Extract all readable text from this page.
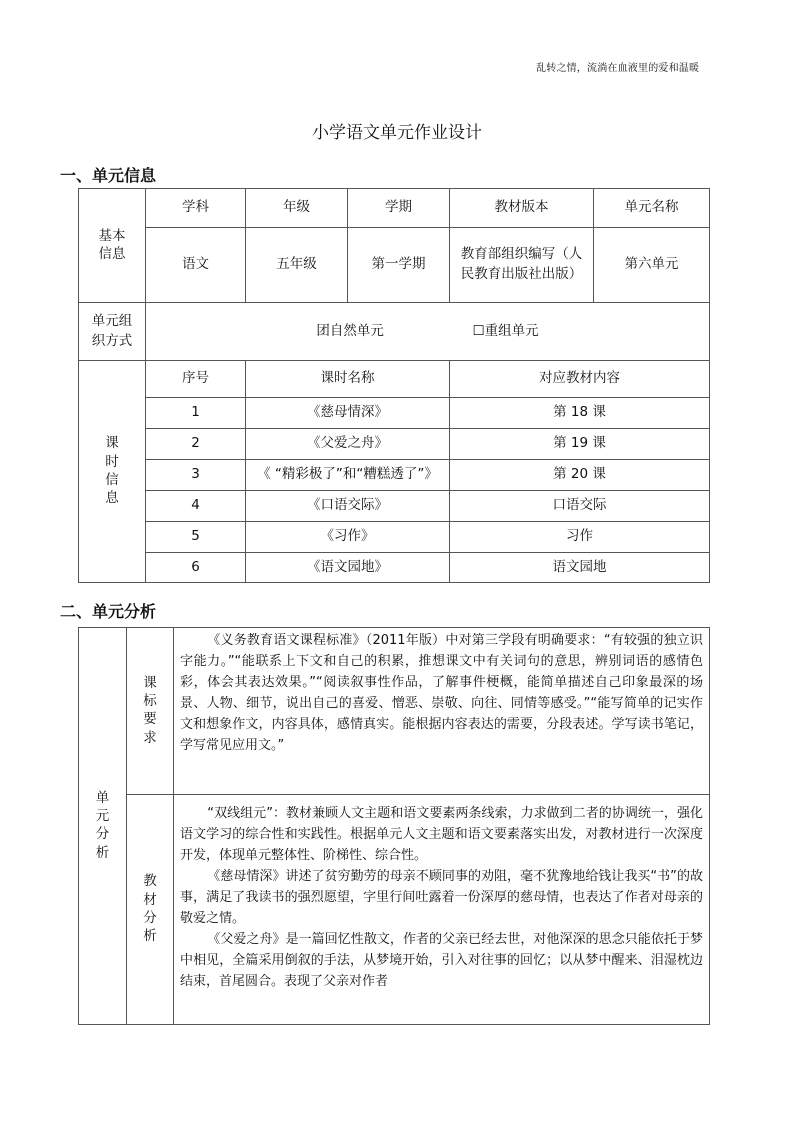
乱转之情，流淌在血液里的爱和温暖
小学语文单元作业设计
一、单元信息
基本信息	学科	年级	学期	教材版本	单元名称
	语文	五年级	第一学期	教育部组织编写（人民教育出版社出版）	第六单元
单元组织方式	团自然单元 ☐重组单元				
课时信息	序号	课时名称		对应教材内容	
	1	《慈母情深》		第 18 课	
	2	《父爱之舟》		第 19 课	
	3	《 “精彩极了”和“糟糕透了”》		第 20 课	
	4	《口语交际》		口语交际	
	5	《习作》		习作	
	6	《语文园地》		语文园地	
二、单元分析
单元分析	课标要求	《义务教育语文课程标准》（2011年版）中对第三学段有明确要求：“有较强的独立识字能力。”“能联系上下文和自己的积累，推想课文中有关词句的意思，辨别词语的感情色彩，体会其表达效果。”“阅读叙事性作品，了解事件梗概，能简单描述自己印象最深的场景、人物、细节，说出自己的喜爱、憎恶、崇敬、向往、同情等感受。”“能写简单的记实作文和想象作文，内容具体，感情真实。能根据内容表达的需要，分段表述。学写读书笔记，学写常见应用文。”

	教材分析	“双线组元”：教材兼顾人文主题和语文要素两条线索，力求做到二者的协调统一，强化语文学习的综合性和实践性。根据单元人文主题和语文要素落实出发，对教材进行一次深度开发，体现单元整体性、阶梯性、综合性。

《慈母情深》讲述了贫穷勤劳的母亲不顾同事的劝阻，毫不犹豫地给钱让我买“书”的故事，满足了我读书的强烈愿望，字里行间吐露着一份深厚的慈母情，也表达了作者对母亲的敬爱之情。

《父爱之舟》是一篇回忆性散文，作者的父亲已经去世，对他深深的思念只能依托于梦中相见，全篇采用倒叙的手法，从梦境开始，引入对往事的回忆；以从梦中醒来、泪湿枕边结束，首尾圆合。表现了父亲对作者
